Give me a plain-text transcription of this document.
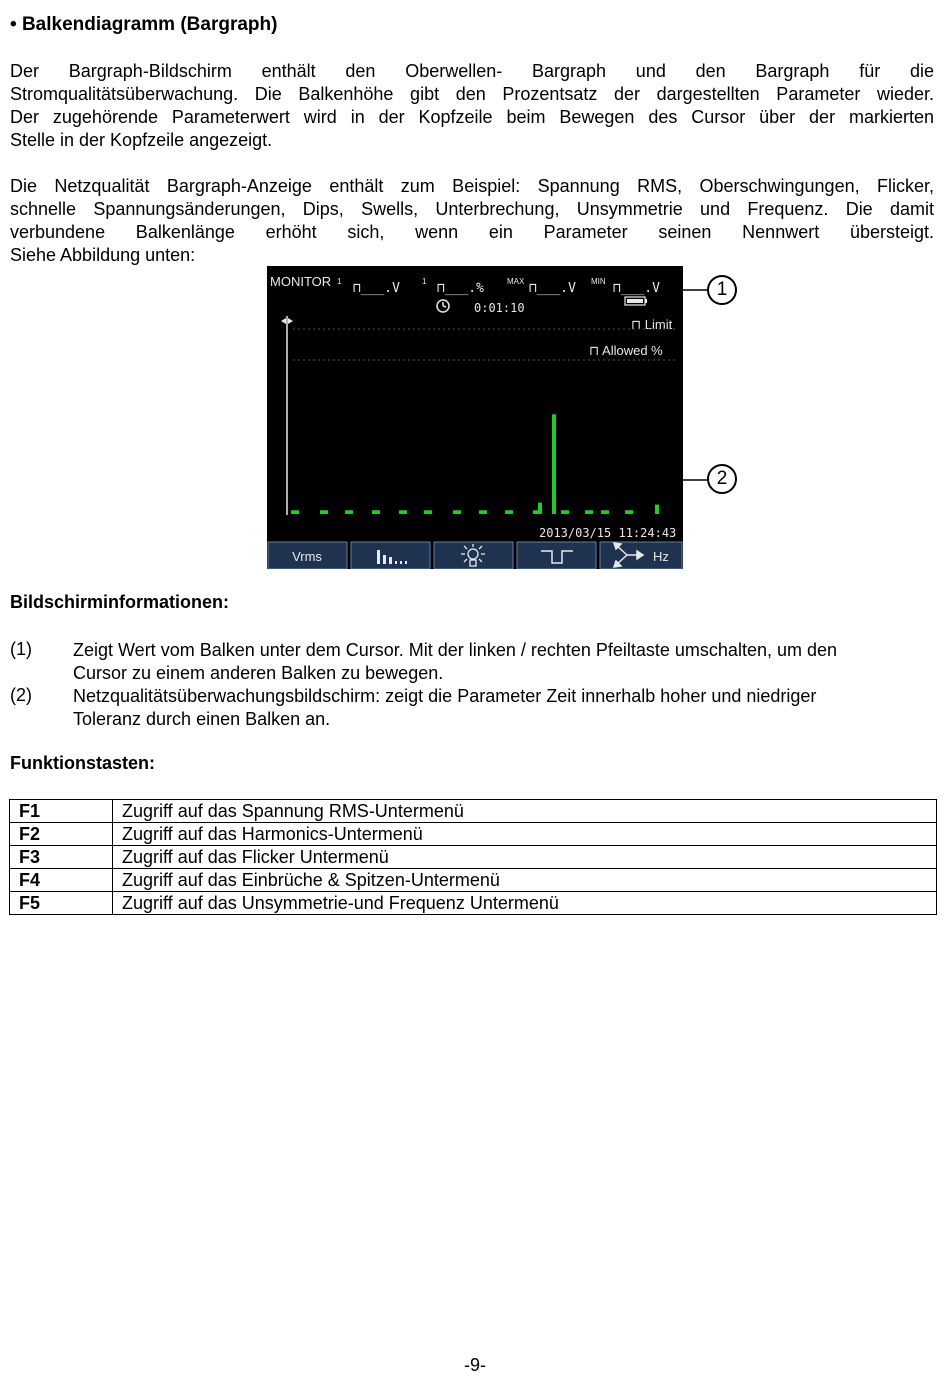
• Balkendiagramm (Bargraph)
Der Bargraph-Bildschirm enthält den Oberwellen- Bargraph und den Bargraph für die
Stromqualitätsüberwachung. Die Balkenhöhe gibt den Prozentsatz der dargestellten Parameter wieder.
Der zugehörende Parameterwert wird in der Kopfzeile beim Bewegen des Cursor über der markierten
Stelle in der Kopfzeile angezeigt.
Die Netzqualität Bargraph-Anzeige enthält zum Beispiel: Spannung RMS, Oberschwingungen, Flicker,
schnelle Spannungsänderungen, Dips, Swells, Unterbrechung, Unsymmetrie und Frequenz. Die damit
verbundene Balkenlänge erhöht sich, wenn ein Parameter seinen Nennwert übersteigt.
Siehe Abbildung unten:
MONITOR 1 ⊓___.V	1 ⊓___.%	MAX ⊓___.V MIN ⊓___.V
0:01:10
⊓ Limit
⊓ Allowed %
2013/03/15 11:24:43
Vrms	Hz
1
2
Bildschirminformationen:
(1) Zeigt Wert vom Balken unter dem Cursor. Mit der linken / rechten Pfeiltaste umschalten, um den
Cursor zu einem anderen Balken zu bewegen.
(2) Netzqualitätsüberwachungsbildschirm: zeigt die Parameter Zeit innerhalb hoher und niedriger
Toleranz durch einen Balken an.
Funktionstasten:
F1	Zugriff auf das Spannung RMS-Untermenü
F2	Zugriff auf das Harmonics-Untermenü
F3	Zugriff auf das Flicker Untermenü
F4	Zugriff auf das Einbrüche & Spitzen-Untermenü
F5	Zugriff auf das Unsymmetrie-und Frequenz Untermenü
-9-
